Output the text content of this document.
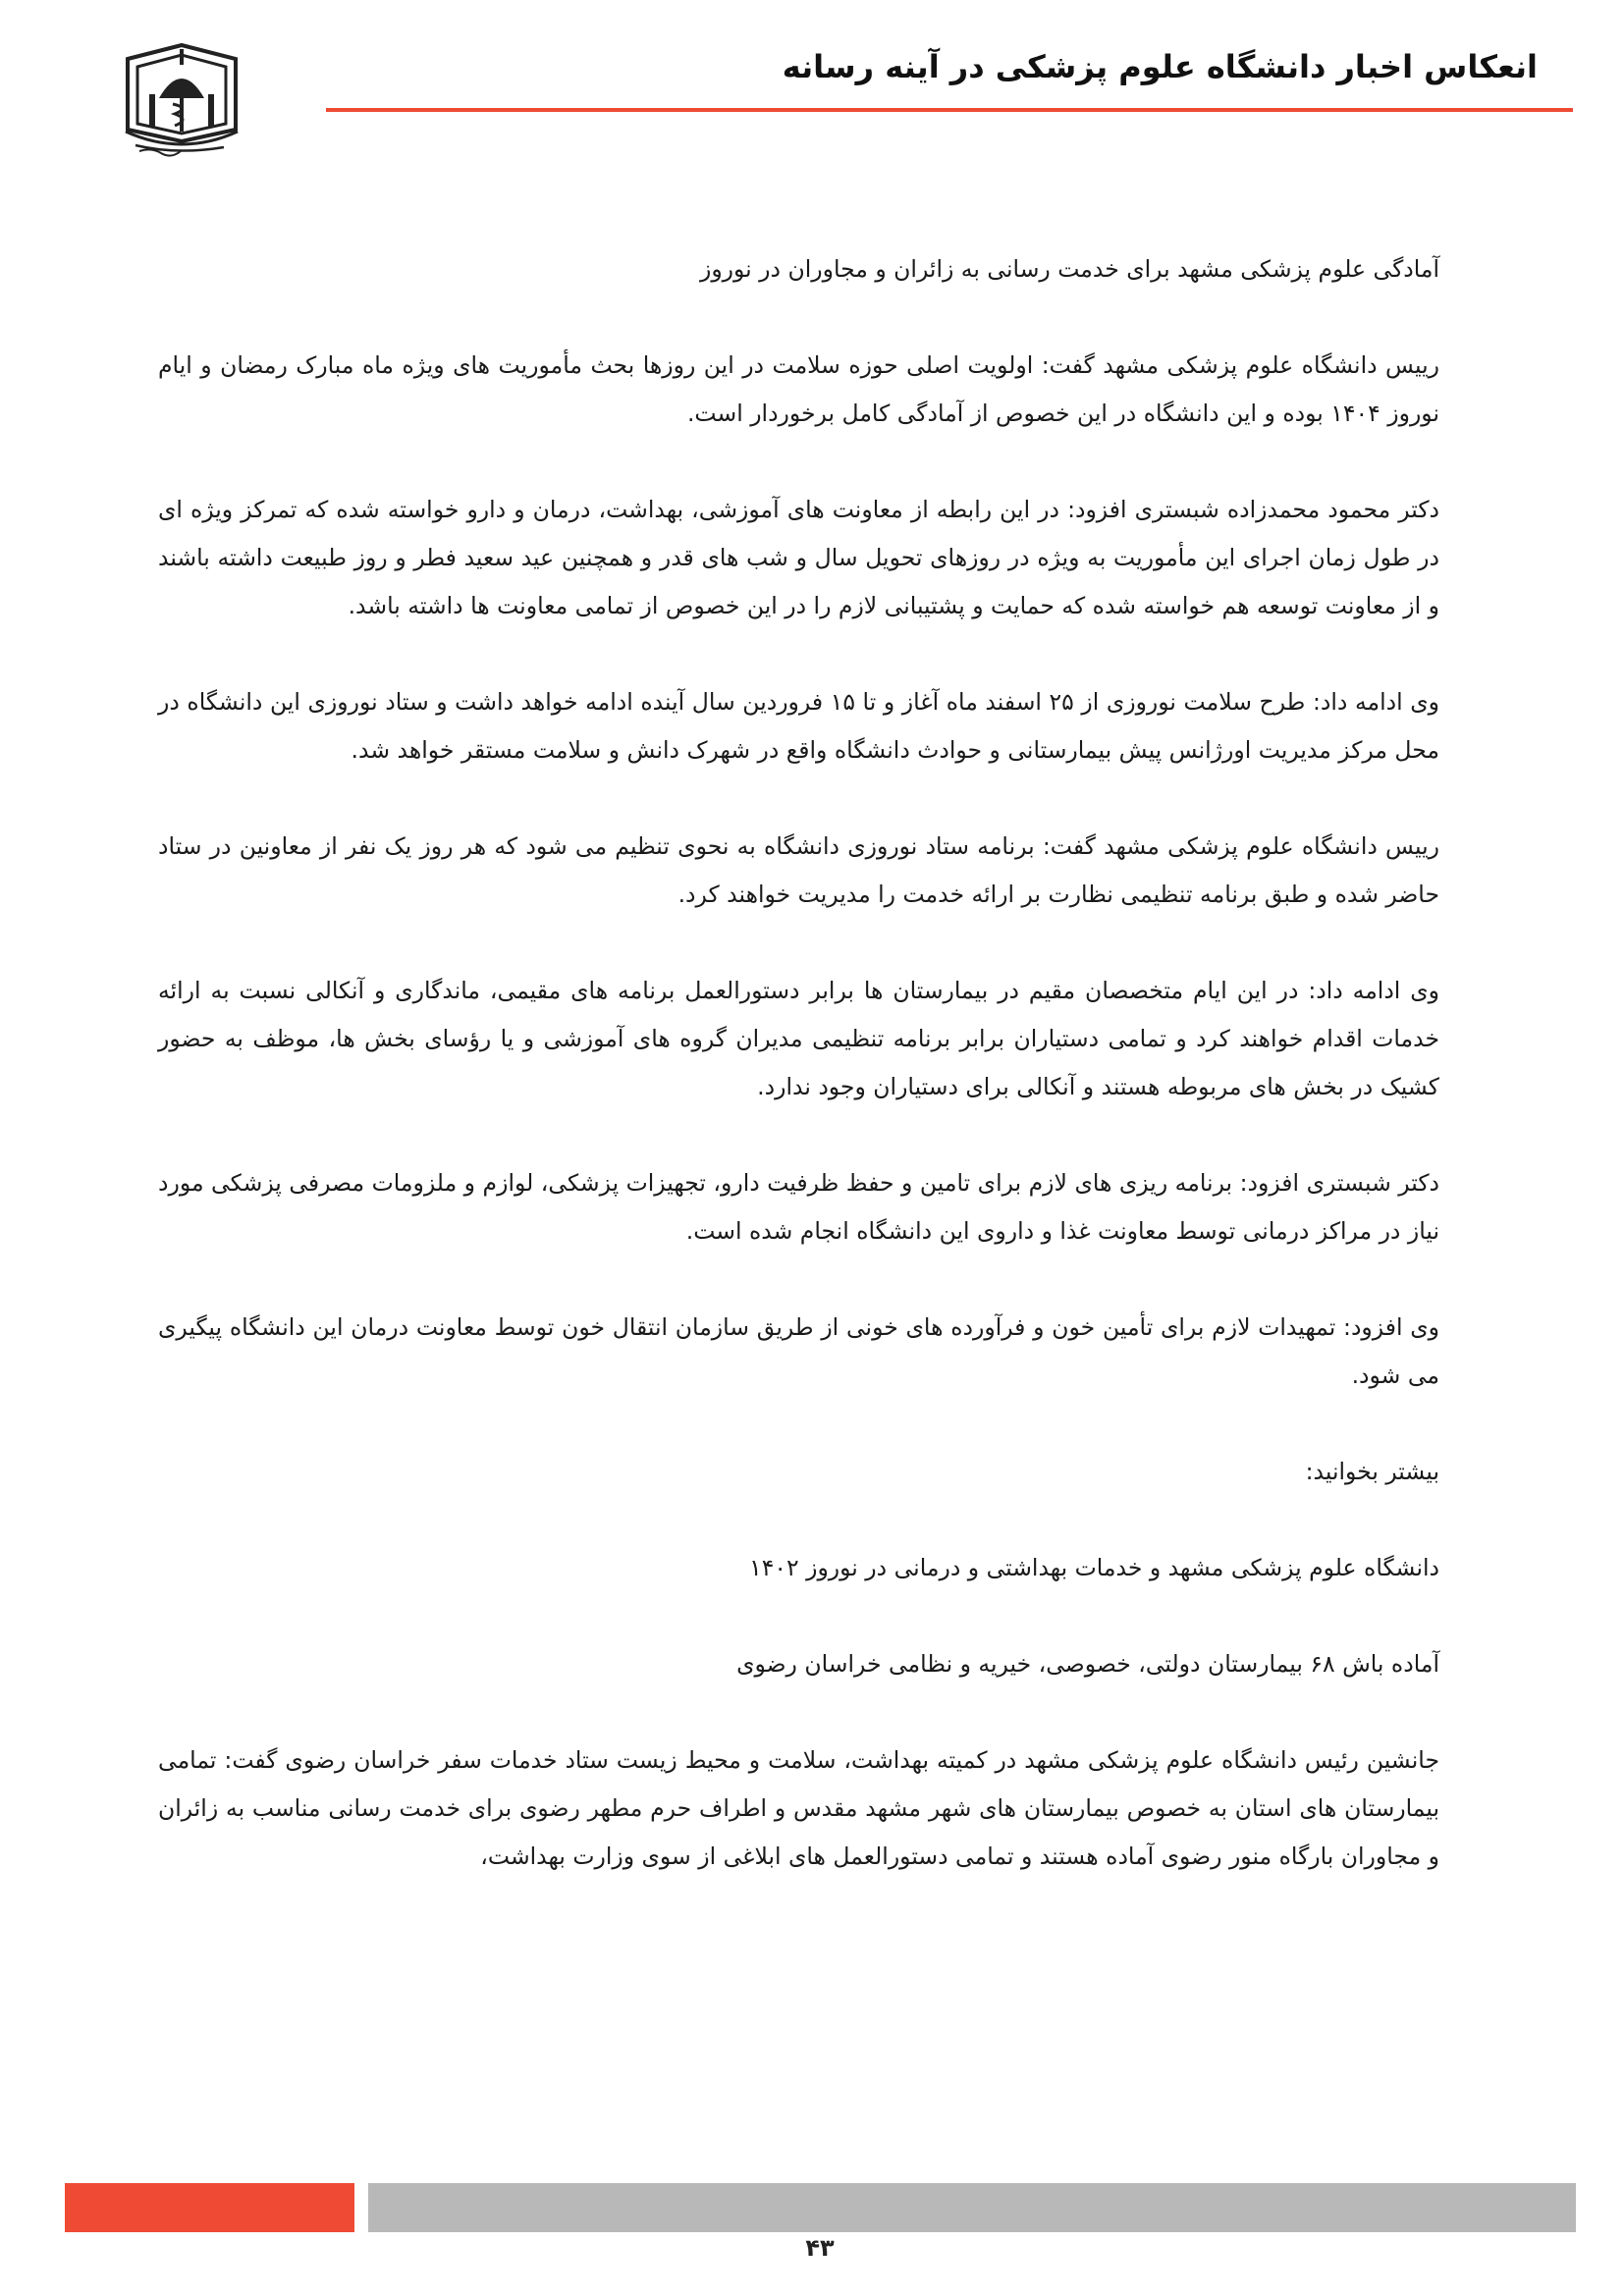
انعکاس اخبار دانشگاه علوم پزشکی در آینه رسانه

آمادگی علوم پزشکی مشهد برای خدمت رسانی به زائران و مجاوران در نوروز

رییس دانشگاه علوم پزشکی مشهد گفت: اولویت اصلی حوزه سلامت در این روزها بحث مأموریت های ویژه ماه مبارک رمضان و ایام نوروز ۱۴۰۴ بوده و این دانشگاه در این خصوص از آمادگی کامل برخوردار است.

دکتر محمود محمدزاده شبستری افزود: در این رابطه از معاونت های آموزشی، بهداشت، درمان و دارو خواسته شده که تمرکز ویژه ای در طول زمان اجرای این مأموریت به ویژه در روزهای تحویل سال و شب های قدر و همچنین عید سعید فطر و روز طبیعت داشته باشند و از معاونت توسعه هم خواسته شده که حمایت و پشتیبانی لازم را در این خصوص از تمامی معاونت ها داشته باشد.

وی ادامه داد: طرح سلامت نوروزی از ۲۵ اسفند ماه آغاز و تا ۱۵ فروردین سال آینده ادامه خواهد داشت و ستاد نوروزی این دانشگاه در محل مرکز مدیریت اورژانس پیش بیمارستانی و حوادث دانشگاه واقع در شهرک دانش و سلامت مستقر خواهد شد.

رییس دانشگاه علوم پزشکی مشهد گفت: برنامه ستاد نوروزی دانشگاه به نحوی تنظیم می شود که هر روز یک نفر از معاونین در ستاد حاضر شده و طبق برنامه تنظیمی نظارت بر ارائه خدمت را مدیریت خواهند کرد.

وی ادامه داد: در این ایام متخصصان مقیم در بیمارستان ها برابر دستورالعمل برنامه های مقیمی، ماندگاری و آنکالی نسبت به ارائه خدمات اقدام خواهند کرد و تمامی دستیاران برابر برنامه تنظیمی مدیران گروه های آموزشی و یا رؤسای بخش ها، موظف به حضور کشیک در بخش های مربوطه هستند و آنکالی برای دستیاران وجود ندارد.

دکتر شبستری افزود: برنامه ریزی های لازم برای تامین و حفظ ظرفیت دارو، تجهیزات پزشکی، لوازم و ملزومات مصرفی پزشکی مورد نیاز در مراکز درمانی توسط معاونت غذا و داروی این دانشگاه انجام شده است.

وی افزود: تمهیدات لازم برای تأمین خون و فرآورده های خونی از طریق سازمان انتقال خون توسط معاونت درمان این دانشگاه پیگیری می شود.

بیشتر بخوانید:

دانشگاه علوم پزشکی مشهد و خدمات بهداشتی و درمانی در نوروز ۱۴۰۲

آماده باش ۶۸ بیمارستان دولتی، خصوصی، خیریه و نظامی خراسان رضوی

جانشین رئیس دانشگاه علوم پزشکی مشهد در کمیته بهداشت، سلامت و محیط زیست ستاد خدمات سفر خراسان رضوی گفت: تمامی بیمارستان های استان به خصوص بیمارستان های شهر مشهد مقدس و اطراف حرم مطهر رضوی برای خدمت رسانی مناسب به زائران و مجاوران بارگاه منور رضوی آماده هستند و تمامی دستورالعمل های ابلاغی از سوی وزارت بهداشت،

۴۳
